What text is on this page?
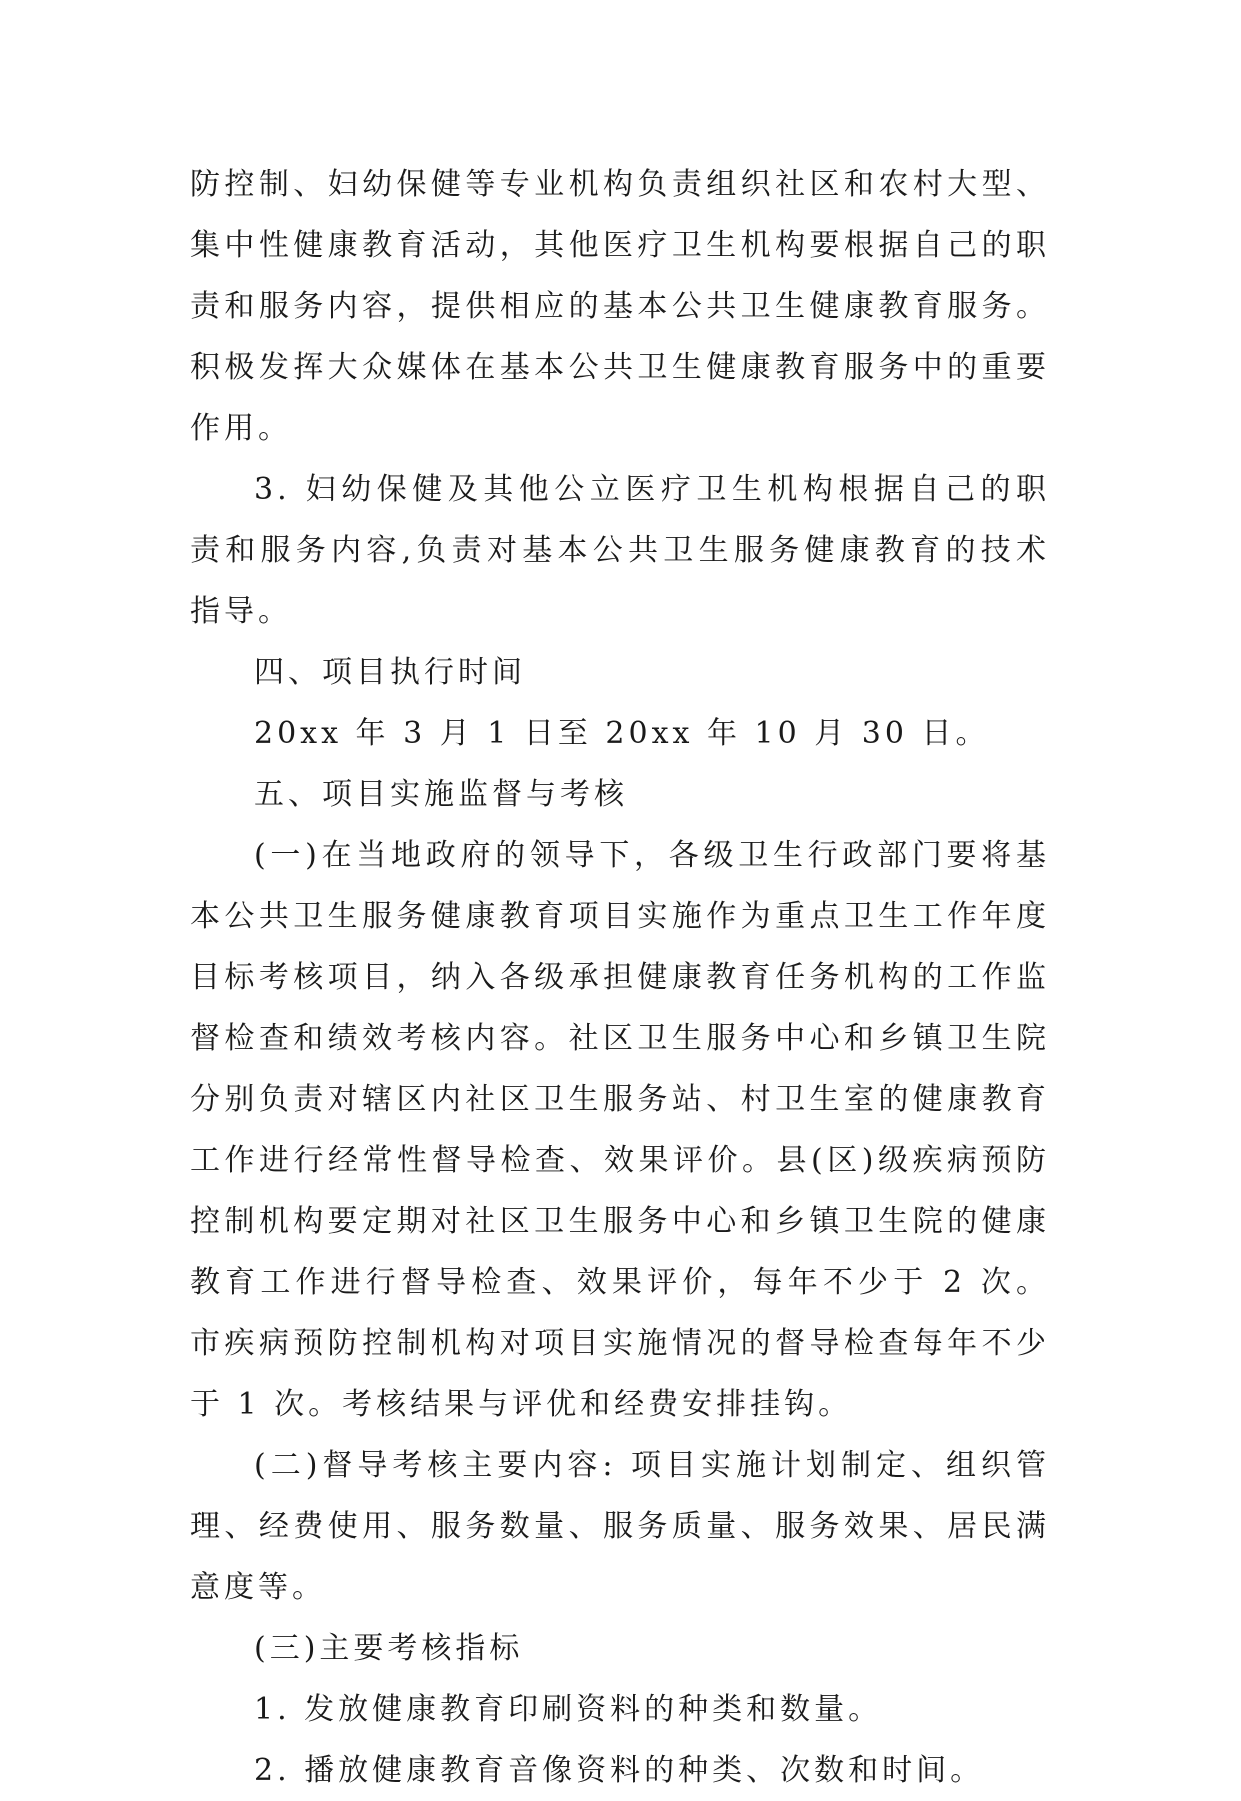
防控制、妇幼保健等专业机构负责组织社区和农村大型、集中性健康教育活动，其他医疗卫生机构要根据自己的职责和服务内容，提供相应的基本公共卫生健康教育服务。积极发挥大众媒体在基本公共卫生健康教育服务中的重要作用。

3. 妇幼保健及其他公立医疗卫生机构根据自己的职责和服务内容,负责对基本公共卫生服务健康教育的技术指导。

四、项目执行时间

20xx 年 3 月 1 日至 20xx 年 10 月 30 日。

五、项目实施监督与考核

(一)在当地政府的领导下，各级卫生行政部门要将基本公共卫生服务健康教育项目实施作为重点卫生工作年度目标考核项目，纳入各级承担健康教育任务机构的工作监督检查和绩效考核内容。社区卫生服务中心和乡镇卫生院分别负责对辖区内社区卫生服务站、村卫生室的健康教育工作进行经常性督导检查、效果评价。县(区)级疾病预防控制机构要定期对社区卫生服务中心和乡镇卫生院的健康教育工作进行督导检查、效果评价，每年不少于 2 次。市疾病预防控制机构对项目实施情况的督导检查每年不少于 1 次。考核结果与评优和经费安排挂钩。

(二)督导考核主要内容: 项目实施计划制定、组织管理、经费使用、服务数量、服务质量、服务效果、居民满意度等。

(三)主要考核指标

1. 发放健康教育印刷资料的种类和数量。

2. 播放健康教育音像资料的种类、次数和时间。
